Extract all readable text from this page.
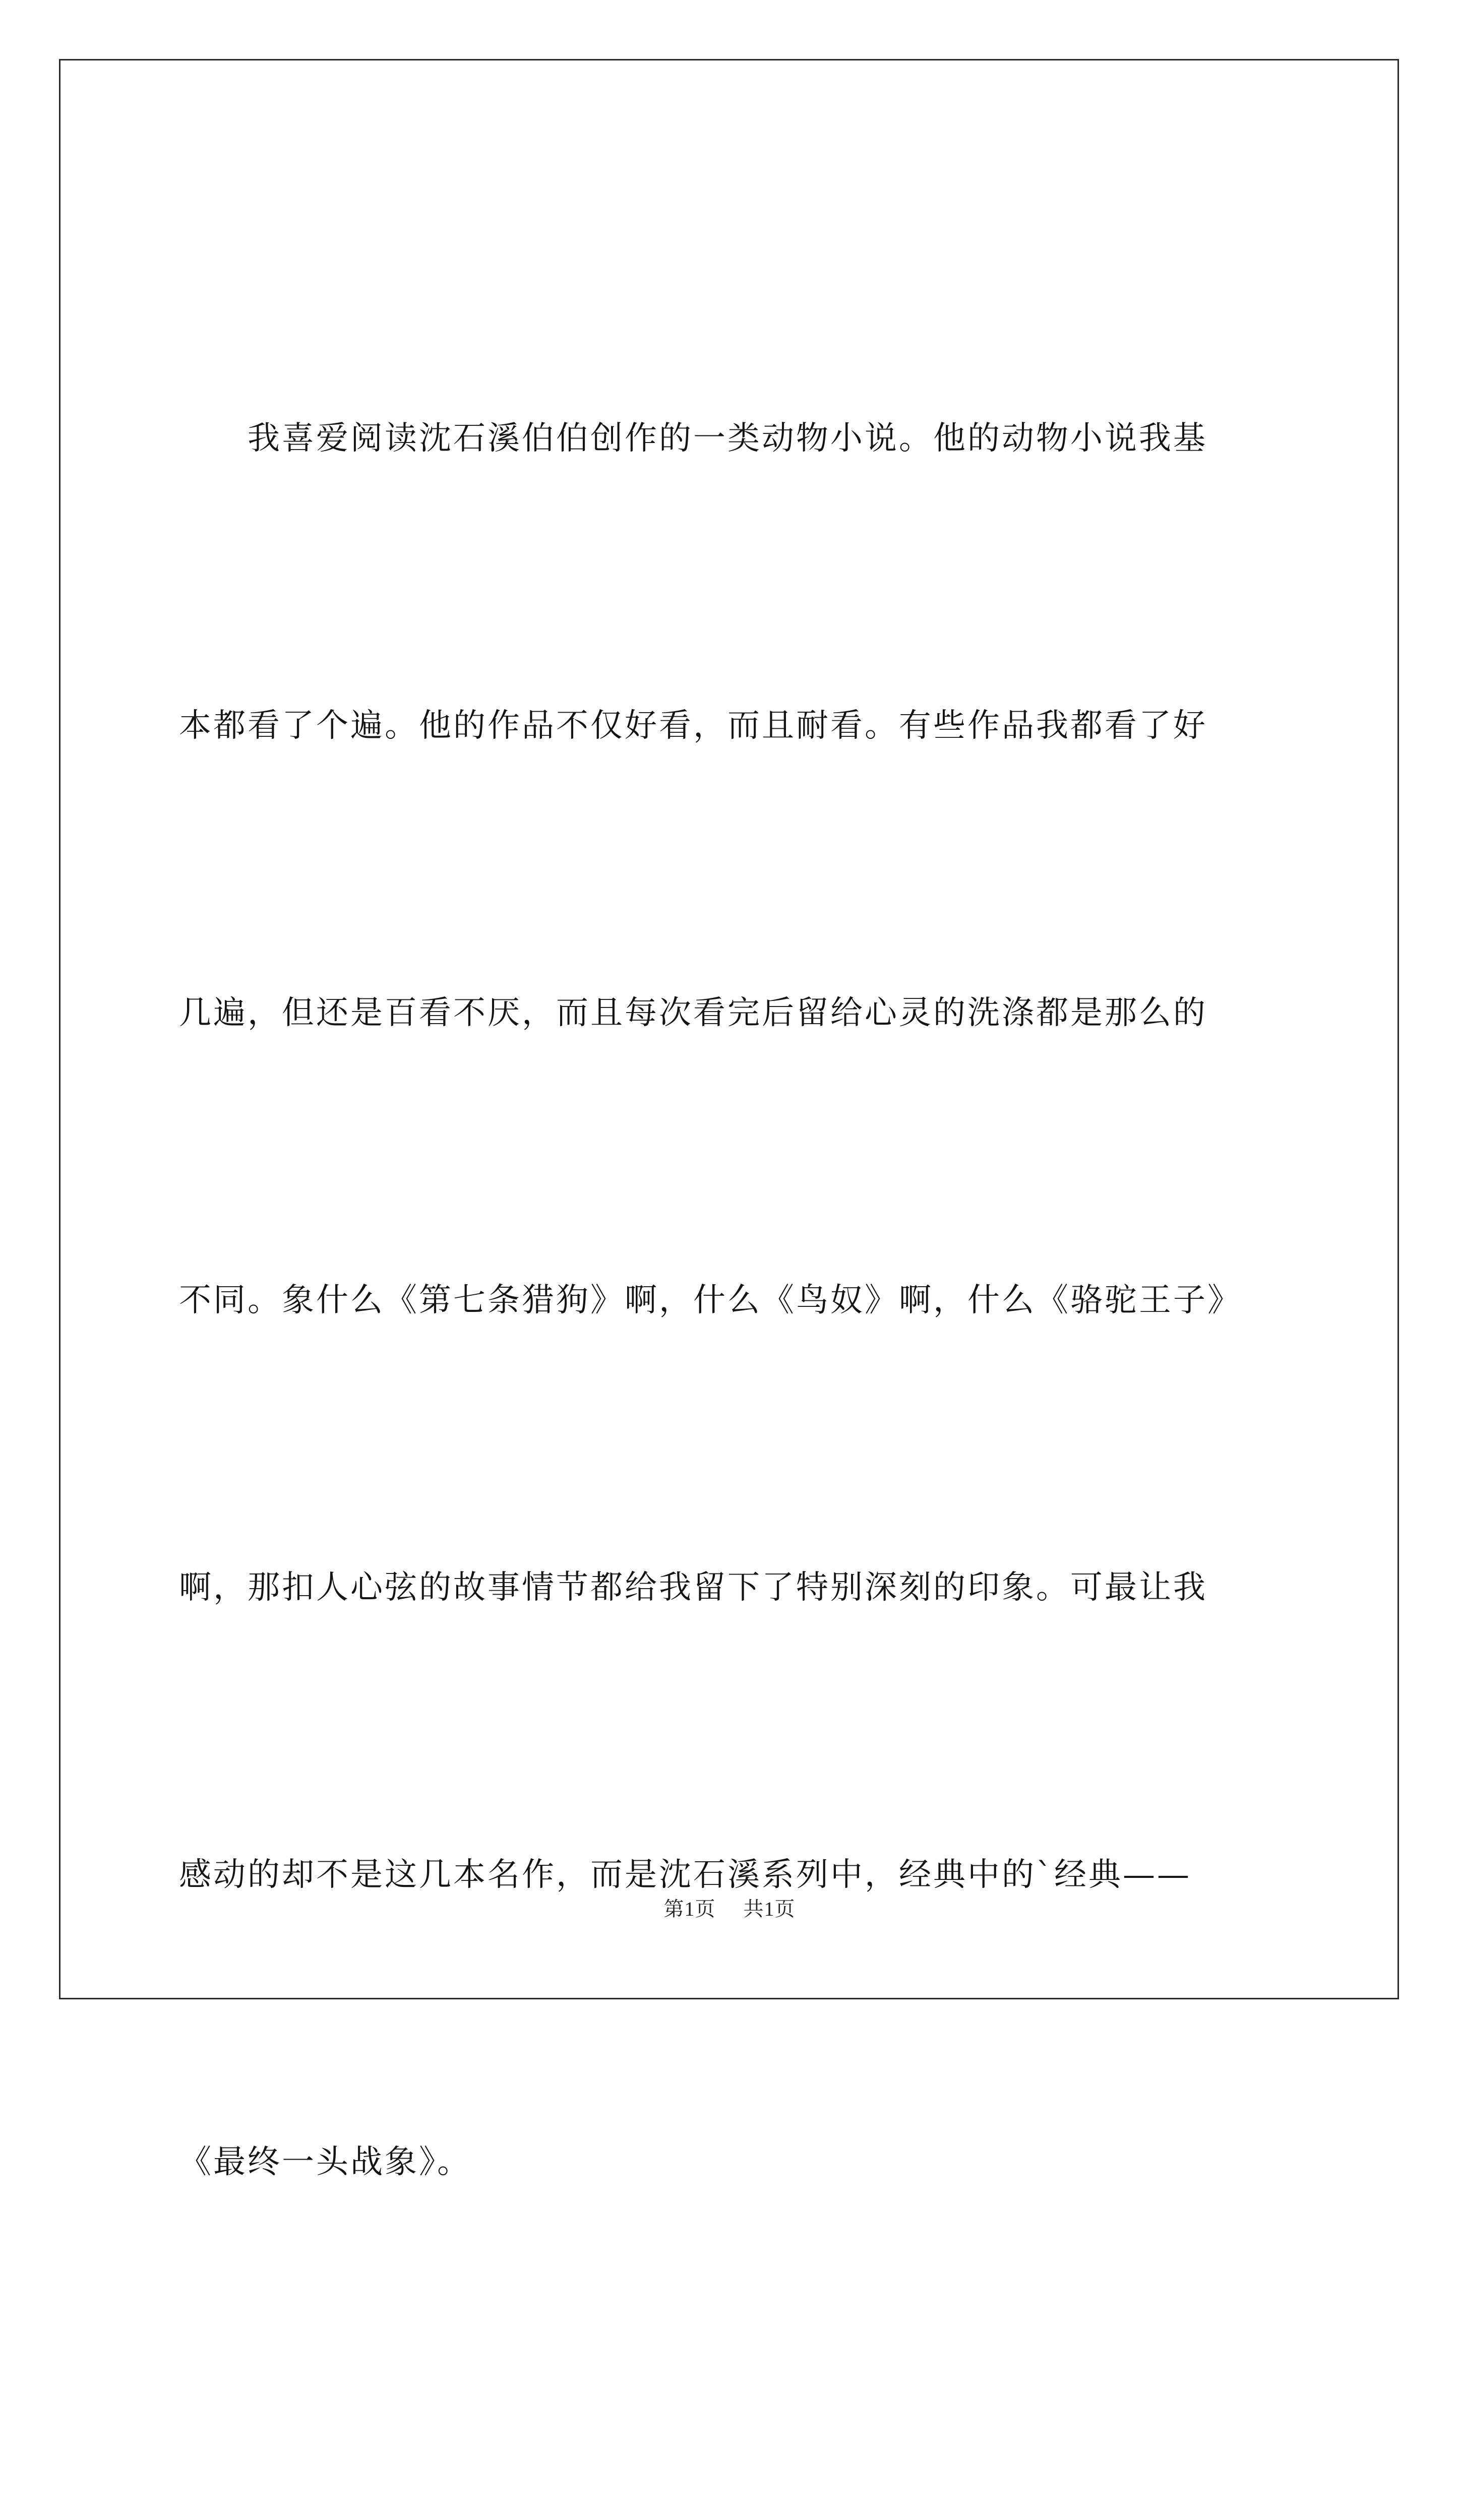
　　我喜爱阅读沈石溪伯伯创作的一类动物小说。他的动物小说我基

本都看了个遍。他的作品不仅好看，而且耐看。有些作品我都看了好

几遍，但还是百看不厌，而且每次看完后留给心灵的洗涤都是那么的

不同。象什么《第七条猎狗》啊，什么《鸟奴》啊，什么《骆驼王子》

啊，那扣人心弦的故事情节都给我留下了特别深刻的印象。可最让我

感动的却不是这几本名作，而是沈石溪系列中，经典中的`经典——

《最终一头战象》。

第1页 共1页
